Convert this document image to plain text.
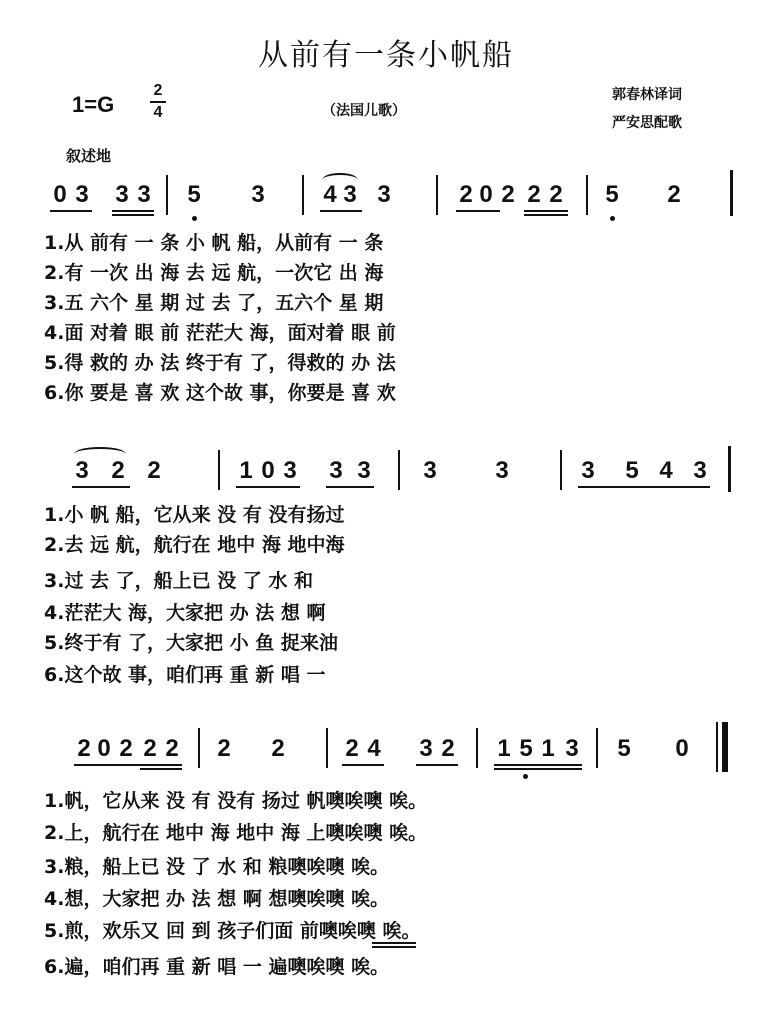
从前有一条小帆船
1=G
2
4	（法国儿歌）
郭春林译词
严安思配歌
叙述地
0 3 3 3 5 3 4 3 3	2 0 2 2 2 5 2
1.从 前有 一 条 小 帆 船，从前有 一 条
2.有 一次 出 海 去 远 航，一次它 出 海
3.五 六个 星 期 过 去 了，五六个 星 期
4.面 对着 眼 前 茫茫大 海，面对着 眼 前
5.得 救的 办 法 终于有 了，得救的 办 法
6.你 要是 喜 欢 这个故 事，你要是 喜 欢
3 2 2	1 0 3 3 3 3 3	3 5 4 3
1.小 帆 船，它从来 没 有 没有扬过
2.去 远 航，航行在 地中 海 地中海
3.过 去 了，船上已 没 了 水 和
4.茫茫大 海，大家把 办 法 想 啊
5.终于有 了，大家把 小 鱼 捉来油
6.这个故 事，咱们再 重 新 唱 一
2 0 2 2 2 2 2	2 4 3 2 1 5 1 3 5 0
1.帆，它从来 没 有 没有 扬过 帆噢唉噢 唉。
2.上，航行在 地中 海 地中 海 上噢唉噢 唉。
3.粮，船上已 没 了 水 和 粮噢唉噢 唉。
4.想，大家把 办 法 想 啊 想噢唉噢 唉。
5.煎，欢乐又 回 到 孩子们面 前噢唉噢 唉。
6.遍，咱们再 重 新 唱 一 遍噢唉噢 唉。
